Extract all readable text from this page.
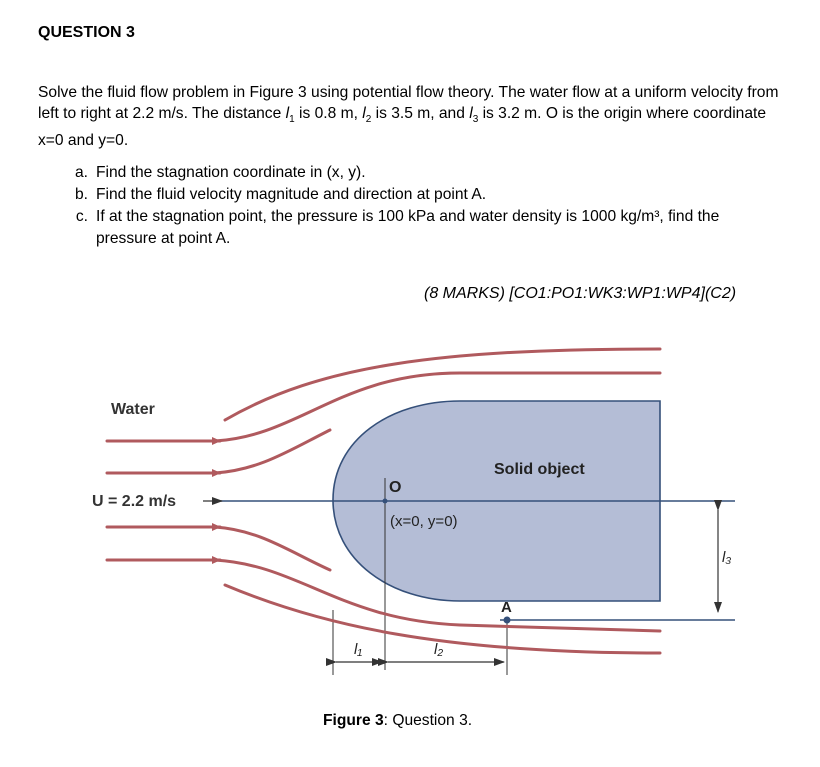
QUESTION 3
Solve the fluid flow problem in Figure 3 using potential flow theory. The water flow at a uniform velocity from left to right at 2.2 m/s. The distance $l_1$ is 0.8 m, $l_2$ is 3.5 m, and $l_3$ is 3.2 m. O is the origin where coordinate x=0 and y=0.
a. Find the stagnation coordinate in (x, y).
b. Find the fluid velocity magnitude and direction at point A.
c. If at the stagnation point, the pressure is 100 kPa and water density is 1000 kg/m³, find the pressure at point A.
(8 MARKS) [CO1:PO1:WK3:WP1:WP4](C2)
Water
U = 2.2 m/s
Solid object
O
(x=0, y=0)
A
l₁	l₂
l₃
Figure 3: Question 3.
